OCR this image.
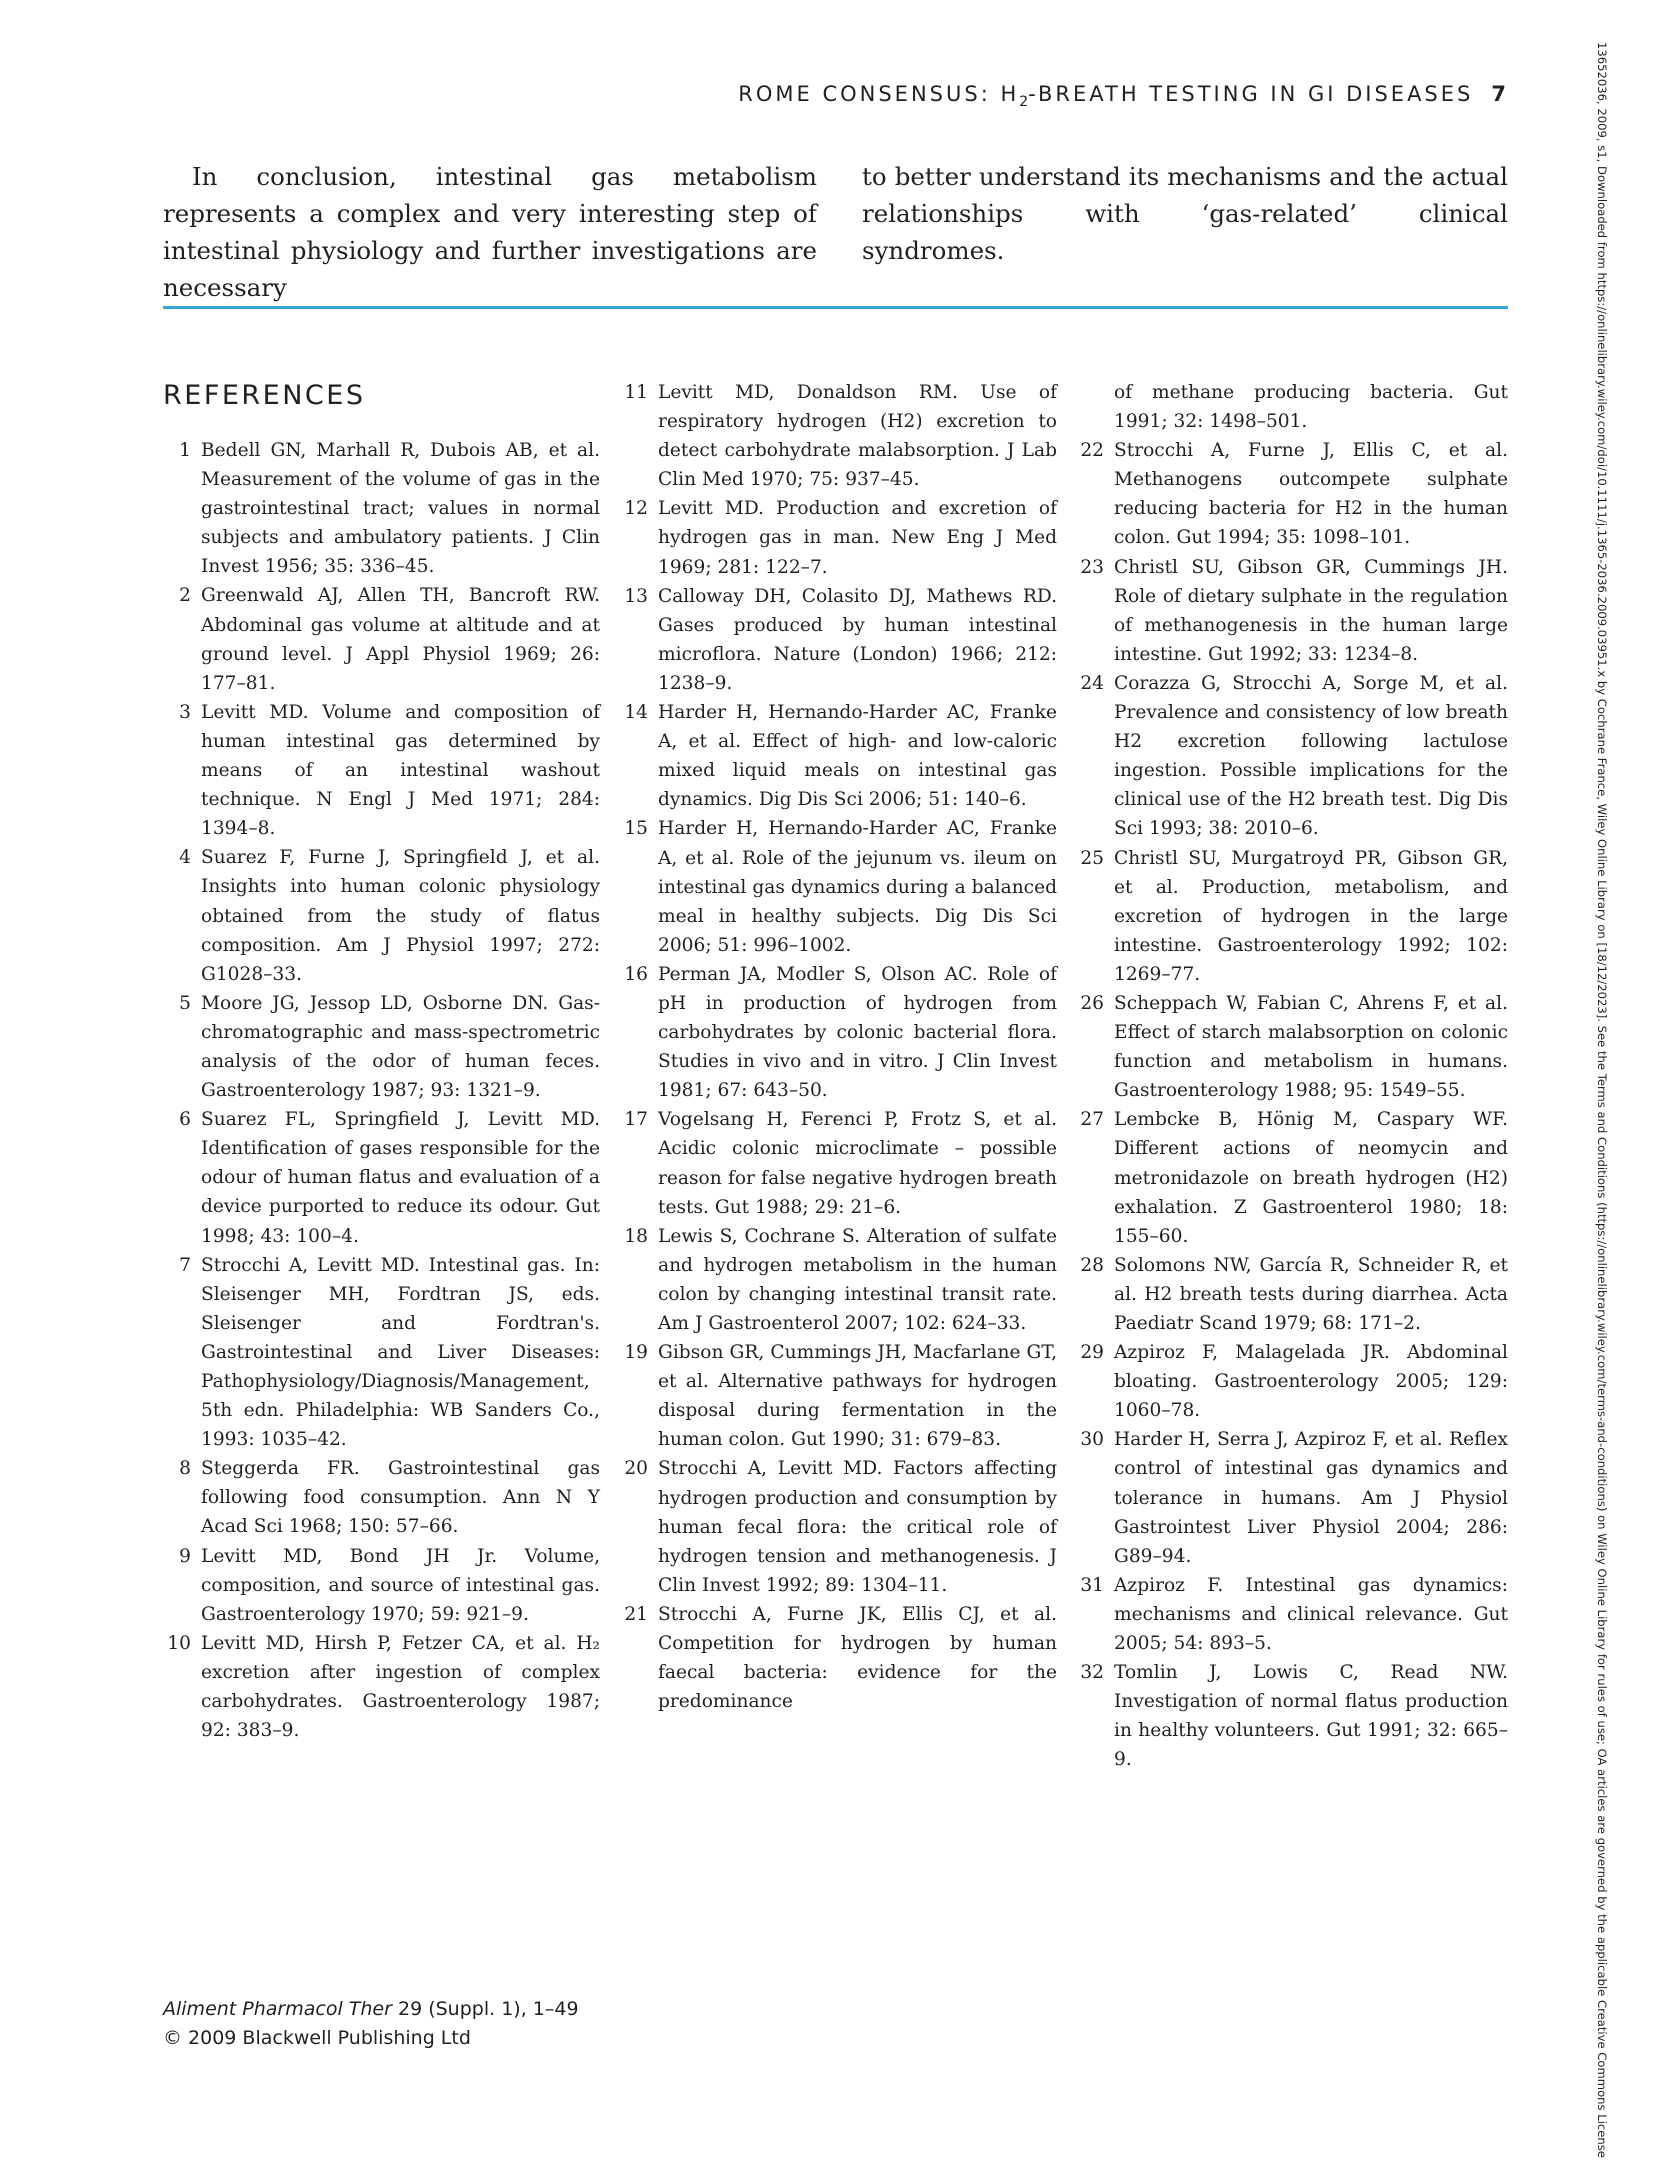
ROME CONSENSUS: $H_2$-BREATH TESTING IN GI DISEASES 7

In conclusion, intestinal gas metabolism represents a complex and very interesting step of intestinal physiology and further investigations are necessary

to better understand its mechanisms and the actual relationships with ‘gas-related’ clinical
syndromes.

REFERENCES
1 Bedell GN, Marhall R, Dubois AB, et al. Measurement of the volume of gas in the gastrointestinal tract; values in normal subjects and ambulatory patients. J Clin Invest 1956; 35: 336–45.
2 Greenwald AJ, Allen TH, Bancroft RW. Abdominal gas volume at altitude and at ground level. J Appl Physiol 1969; 26: 177–81.
3 Levitt MD. Volume and composition of human intestinal gas determined by means of an intestinal washout technique. N Engl J Med 1971; 284: 1394–8.
4 Suarez F, Furne J, Springfield J, et al. Insights into human colonic physiology obtained from the study of flatus composition. Am J Physiol 1997; 272: G1028–33.
5 Moore JG, Jessop LD, Osborne DN. Gas-chromatographic and mass-spectrometric analysis of the odor of human feces. Gastroenterology 1987; 93: 1321–9.
6 Suarez FL, Springfield J, Levitt MD. Identification of gases responsible for the odour of human flatus and evaluation of a device purported to reduce its odour. Gut 1998; 43: 100–4.
7 Strocchi A, Levitt MD. Intestinal gas. In: Sleisenger MH, Fordtran JS, eds. Sleisenger and Fordtran's. Gastrointestinal and Liver Diseases: Pathophysiology/Diagnosis/Management, 5th edn. Philadelphia: WB Sanders Co., 1993: 1035–42.
8 Steggerda FR. Gastrointestinal gas following food consumption. Ann N Y Acad Sci 1968; 150: 57–66.
9 Levitt MD, Bond JH Jr. Volume, composition, and source of intestinal gas. Gastroenterology 1970; 59: 921–9.
10 Levitt MD, Hirsh P, Fetzer CA, et al. H₂ excretion after ingestion of complex carbohydrates. Gastroenterology 1987; 92: 383–9.
11 Levitt MD, Donaldson RM. Use of respiratory hydrogen (H2) excretion to detect carbohydrate malabsorption. J Lab Clin Med 1970; 75: 937–45.
12 Levitt MD. Production and excretion of hydrogen gas in man. New Eng J Med 1969; 281: 122–7.
13 Calloway DH, Colasito DJ, Mathews RD. Gases produced by human intestinal microflora. Nature (London) 1966; 212: 1238–9.
14 Harder H, Hernando-Harder AC, Franke A, et al. Effect of high- and low-caloric mixed liquid meals on intestinal gas dynamics. Dig Dis Sci 2006; 51: 140–6.
15 Harder H, Hernando-Harder AC, Franke A, et al. Role of the jejunum vs. ileum on intestinal gas dynamics during a balanced meal in healthy subjects. Dig Dis Sci 2006; 51: 996–1002.
16 Perman JA, Modler S, Olson AC. Role of pH in production of hydrogen from carbohydrates by colonic bacterial flora. Studies in vivo and in vitro. J Clin Invest 1981; 67: 643–50.
17 Vogelsang H, Ferenci P, Frotz S, et al. Acidic colonic microclimate – possible reason for false negative hydrogen breath tests. Gut 1988; 29: 21–6.
18 Lewis S, Cochrane S. Alteration of sulfate and hydrogen metabolism in the human colon by changing intestinal transit rate. Am J Gastroenterol 2007; 102: 624–33.
19 Gibson GR, Cummings JH, Macfarlane GT, et al. Alternative pathways for hydrogen disposal during fermentation in the human colon. Gut 1990; 31: 679–83.
20 Strocchi A, Levitt MD. Factors affecting hydrogen production and consumption by human fecal flora: the critical role of hydrogen tension and methanogenesis. J Clin Invest 1992; 89: 1304–11.
21 Strocchi A, Furne JK, Ellis CJ, et al. Competition for hydrogen by human faecal bacteria: evidence for the predominance
of methane producing bacteria. Gut 1991; 32: 1498–501.
22 Strocchi A, Furne J, Ellis C, et al. Methanogens outcompete sulphate reducing bacteria for H2 in the human colon. Gut 1994; 35: 1098–101.
23 Christl SU, Gibson GR, Cummings JH. Role of dietary sulphate in the regulation of methanogenesis in the human large intestine. Gut 1992; 33: 1234–8.
24 Corazza G, Strocchi A, Sorge M, et al. Prevalence and consistency of low breath H2 excretion following lactulose ingestion. Possible implications for the clinical use of the H2 breath test. Dig Dis Sci 1993; 38: 2010–6.
25 Christl SU, Murgatroyd PR, Gibson GR, et al. Production, metabolism, and excretion of hydrogen in the large intestine. Gastroenterology 1992; 102: 1269–77.
26 Scheppach W, Fabian C, Ahrens F, et al. Effect of starch malabsorption on colonic function and metabolism in humans. Gastroenterology 1988; 95: 1549–55.
27 Lembcke B, Hönig M, Caspary WF. Different actions of neomycin and metronidazole on breath hydrogen (H2) exhalation. Z Gastroenterol 1980; 18: 155–60.
28 Solomons NW, García R, Schneider R, et al. H2 breath tests during diarrhea. Acta Paediatr Scand 1979; 68: 171–2.
29 Azpiroz F, Malagelada JR. Abdominal bloating. Gastroenterology 2005; 129: 1060–78.
30 Harder H, Serra J, Azpiroz F, et al. Reflex control of intestinal gas dynamics and tolerance in humans. Am J Physiol Gastrointest Liver Physiol 2004; 286: G89–94.
31 Azpiroz F. Intestinal gas dynamics: mechanisms and clinical relevance. Gut 2005; 54: 893–5.
32 Tomlin J, Lowis C, Read NW. Investigation of normal flatus production in healthy volunteers. Gut 1991; 32: 665–9.
Aliment Pharmacol Ther 29 (Suppl. 1), 1–49
© 2009 Blackwell Publishing Ltd	13652036, 2009, s1, Downloaded from https://onlinelibrary.wiley.com/doi/10.1111/j.1365-2036.2009.03951.x by Cochrane France, Wiley Online Library on [18/12/2023]. See the Terms and Conditions (https://onlinelibrary.wiley.com/terms-and-conditions) on Wiley Online Library for rules of use; OA articles are governed by the applicable Creative Commons License
